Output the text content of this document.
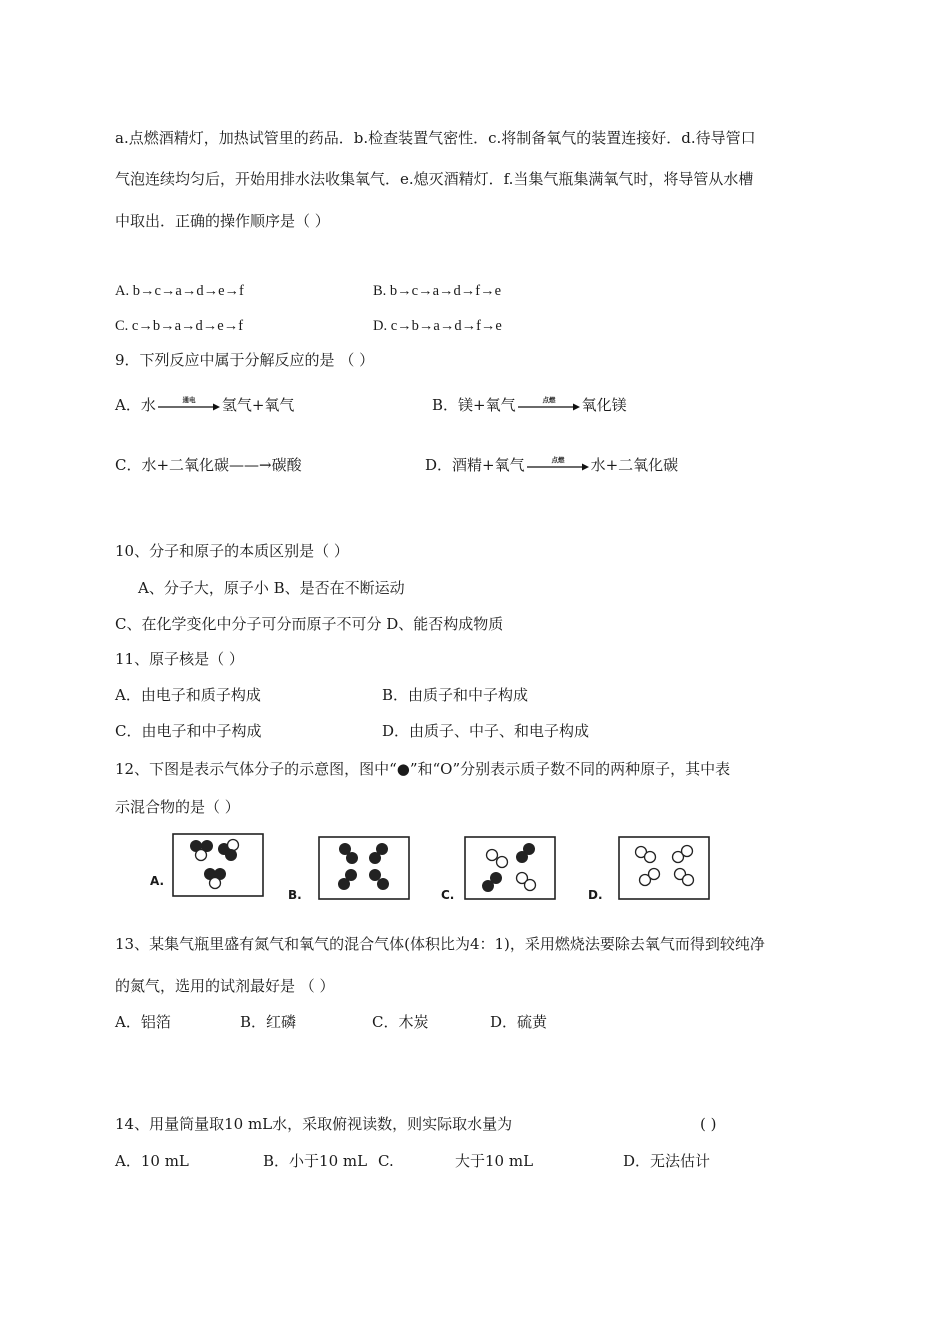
a.点燃酒精灯，加热试管里的药品．b.检查装置气密性．c.将制备氧气的装置连接好．d.待导管口
气泡连续均匀后，开始用排水法收集氧气．e.熄灭酒精灯．f.当集气瓶集满氧气时，将导管从水槽
中取出．正确的操作顺序是（ ）
A. b→c→a→d→e→f	B. b→c→a→d→f→e
C. c→b→a→d→e→f	D. c→b→a→d→f→e
9．下列反应中属于分解反应的是 （ ）
A．水	通电 氢气+氧气	B．镁+氧气	点燃 氧化镁
C．水+二氧化碳——→碳酸	D．酒精+氧气	点燃 水+二氧化碳
10、分子和原子的本质区别是（ ）
A、分子大，原子小 B、是否在不断运动
C、在化学变化中分子可分而原子不可分 D、能否构成物质
11、原子核是（ ）
A．由电子和质子构成	B．由质子和中子构成
C．由电子和中子构成	D．由质子、中子、和电子构成
12、下图是表示气体分子的示意图，图中“●”和“O”分别表示质子数不同的两种原子，其中表
示混合物的是（ ）
A.
B.	C.	D.
13、某集气瓶里盛有氮气和氧气的混合气体(体积比为4：1)，采用燃烧法要除去氧气而得到较纯净
的氮气，选用的试剂最好是 （ ）
A．铝箔	B．红磷	C．木炭	D．硫黄
14、用量筒量取10 mL水，采取俯视读数，则实际取水量为	( )
A．10 mL	B．小于10 mL C.	大于10 mL	D．无法估计
